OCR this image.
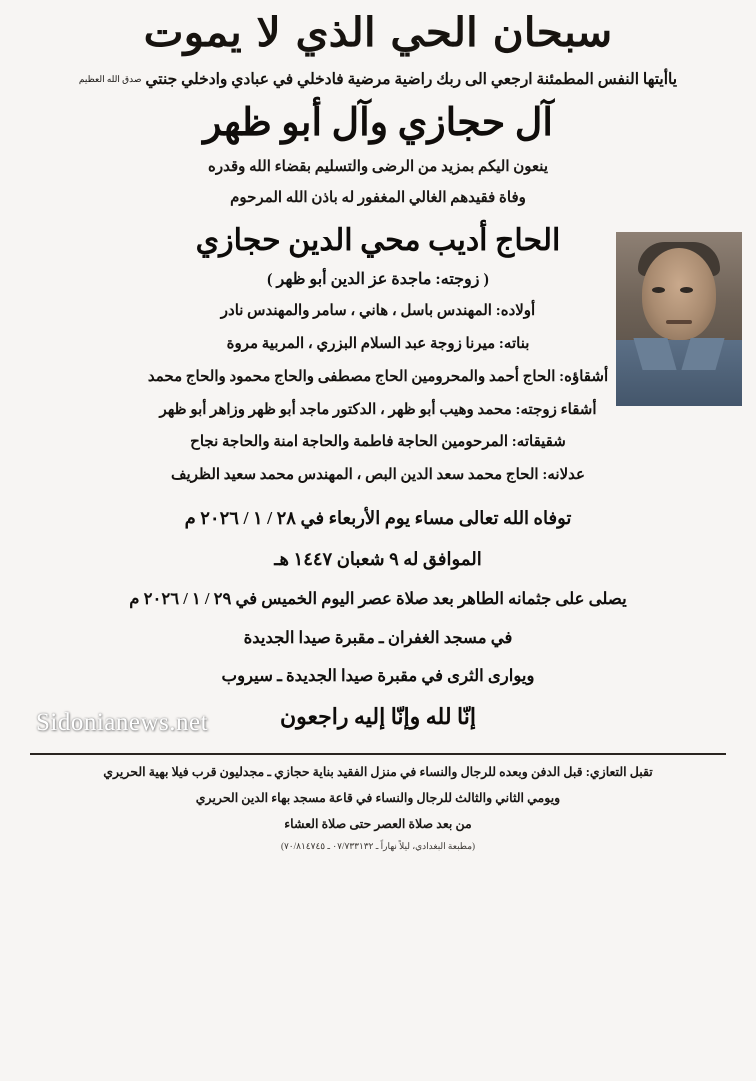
سبحان الحي الذي لا يموت
ياأيتها النفس المطمئنة ارجعي الى ربك راضية مرضية فادخلي في عبادي وادخلي جنتي صدق الله العظيم
آل حجازي وآل أبو ظهر
ينعون اليكم بمزيد من الرضى والتسليم بقضاء الله وقدره
وفاة فقيدهم الغالي المغفور له باذن الله المرحوم
الحاج أديب محي الدين حجازي
( زوجته: ماجدة عز الدين أبو ظهر )
أولاده: المهندس باسل ، هاني ، سامر والمهندس نادر
بناته: ميرنا زوجة عبد السلام البزري ، المربية مروة
أشقاؤه: الحاج أحمد والمحرومين الحاج مصطفى والحاج محمود والحاج محمد
أشقاء زوجته: محمد وهيب أبو ظهر ، الدكتور ماجد أبو ظهر وزاهر أبو ظهر
شقيقاته: المرحومين الحاجة فاطمة والحاجة امنة والحاجة نجاح
عدلانه: الحاج محمد سعد الدين البص ، المهندس محمد سعيد الظريف
توفاه الله تعالى مساء يوم الأربعاء في ٢٨ / ١ / ٢٠٢٦ م
الموافق له ٩ شعبان ١٤٤٧ هـ
يصلى على جثمانه الطاهر بعد صلاة عصر اليوم الخميس في ٢٩ / ١ / ٢٠٢٦ م
في مسجد الغفران ـ مقبرة صيدا الجديدة
ويوارى الثرى في مقبرة صيدا الجديدة ـ سيروب
Sidonianews.net	إنّا لله وإنّا إليه راجعون
تقبل التعازي: قبل الدفن وبعده للرجال والنساء في منزل الفقيد بناية حجازي ـ مجدليون قرب فيلا بهية الحريري
ويومي الثاني والثالث للرجال والنساء في قاعة مسجد بهاء الدين الحريري
من بعد صلاة العصر حتى صلاة العشاء
(مطبعة البغدادي، ليلاً نهاراً ـ ٠٧/٧٣٣١٣٢ ـ ٧٠/٨١٤٧٤٥)
